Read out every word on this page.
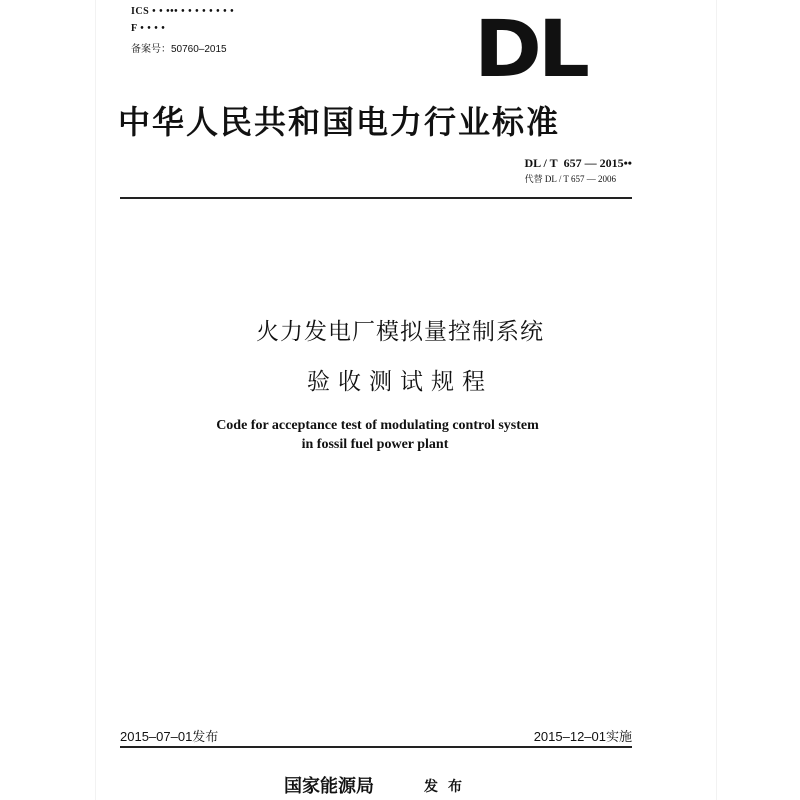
ICS • • ••• • • • • • • • •
F • • • •
备案号：50760–2015	DL
中华人民共和国电力行业标准
DL / T 657 — 2015••
代替 DL / T 657 — 2006
火力发电厂模拟量控制系统
验收测试规程
Code for acceptance test of modulating control system
in fossil fuel power plant
2015–07–01发布	2015–12–01实施
国家能源局	发布
